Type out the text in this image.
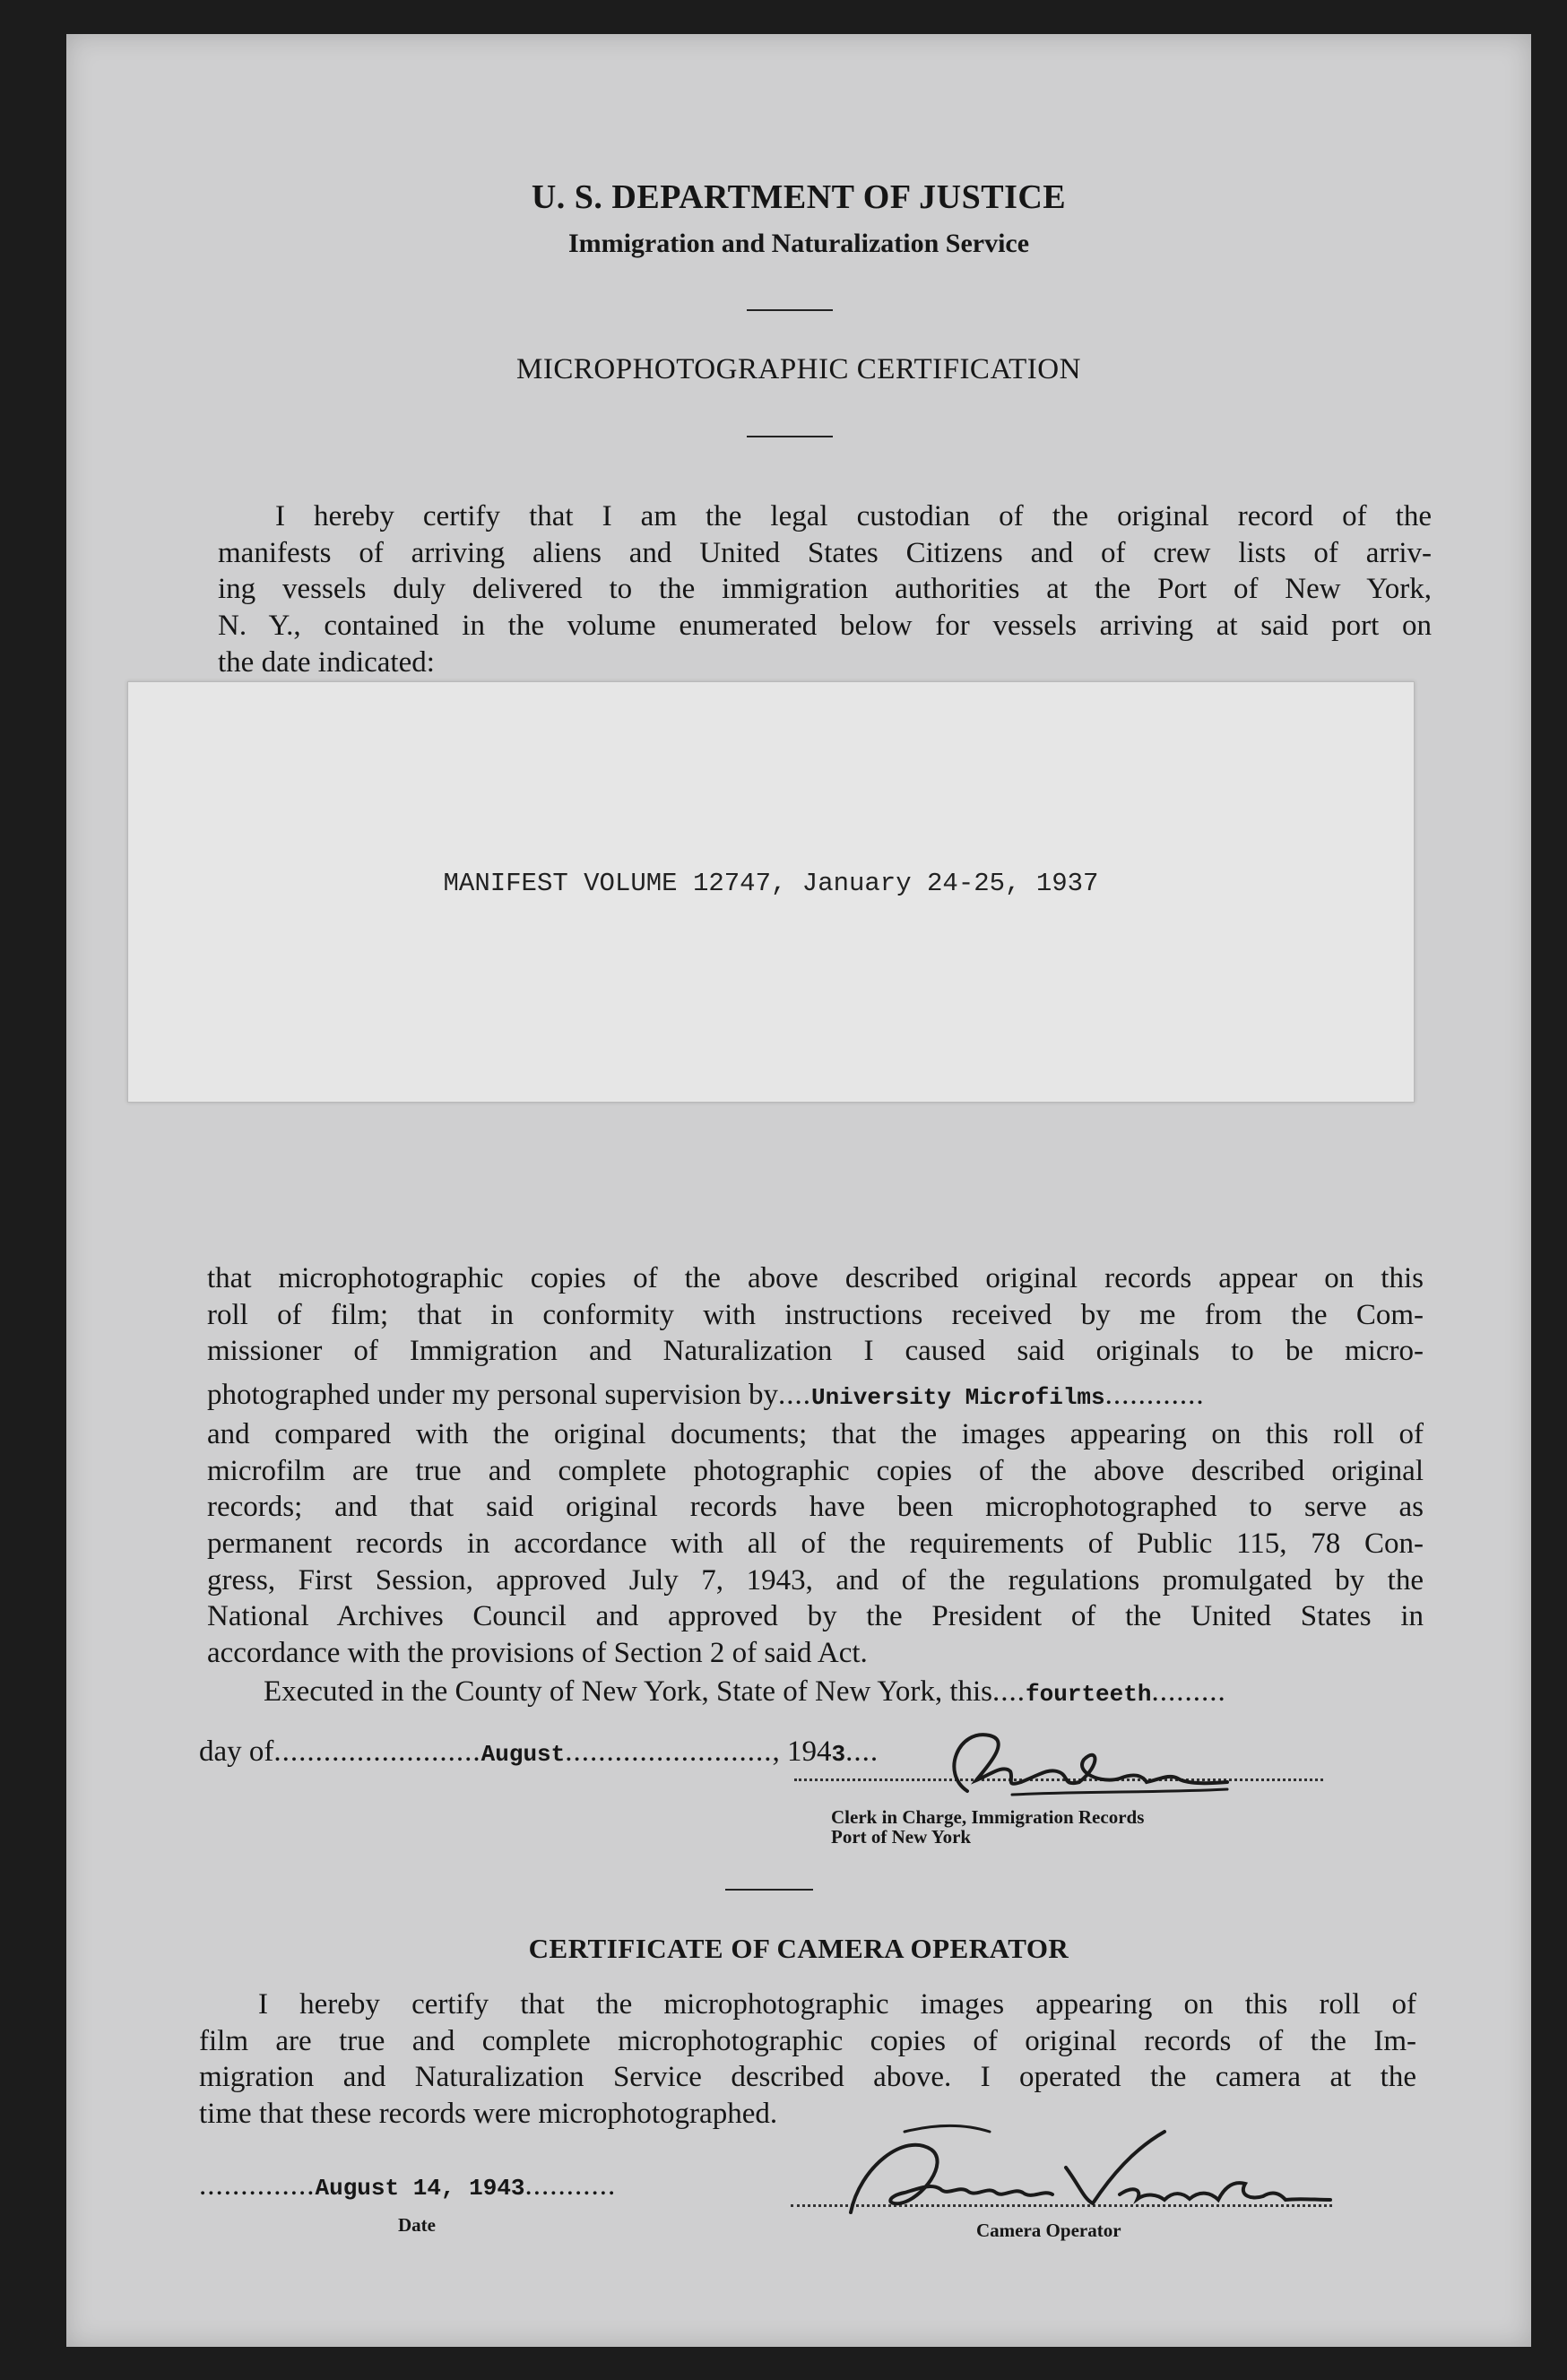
U. S. DEPARTMENT OF JUSTICE
Immigration and Naturalization Service
MICROPHOTOGRAPHIC CERTIFICATION
I hereby certify that I am the legal custodian of the original record of the
manifests of arriving aliens and United States Citizens and of crew lists of arriv-
ing vessels duly delivered to the immigration authorities at the Port of New York,
N. Y., contained in the volume enumerated below for vessels arriving at said port on
the date indicated:
MANIFEST VOLUME 12747, January 24-25, 1937
that microphotographic copies of the above described original records appear on this
roll of film; that in conformity with instructions received by me from the Com-
missioner of Immigration and Naturalization I caused said originals to be micro-
photographed under my personal supervision by....University Microfilms............
and compared with the original documents; that the images appearing on this roll of
microfilm are true and complete photographic copies of the above described original
records; and that said original records have been microphotographed to serve as
permanent records in accordance with all of the requirements of Public 115, 78 Con-
gress, First Session, approved July 7, 1943, and of the regulations promulgated by the
National Archives Council and approved by the President of the United States in
accordance with the provisions of Section 2 of said Act.
Executed in the County of New York, State of New York, this....fourteeth.........
day of.........................August........................., 1943....
Clerk in Charge, Immigration Records
Port of New York
CERTIFICATE OF CAMERA OPERATOR
I hereby certify that the microphotographic images appearing on this roll of
film are true and complete microphotographic copies of original records of the Im-
migration and Naturalization Service described above. I operated the camera at the
time that these records were microphotographed.
..............August 14, 1943...........
Date	Camera Operator
